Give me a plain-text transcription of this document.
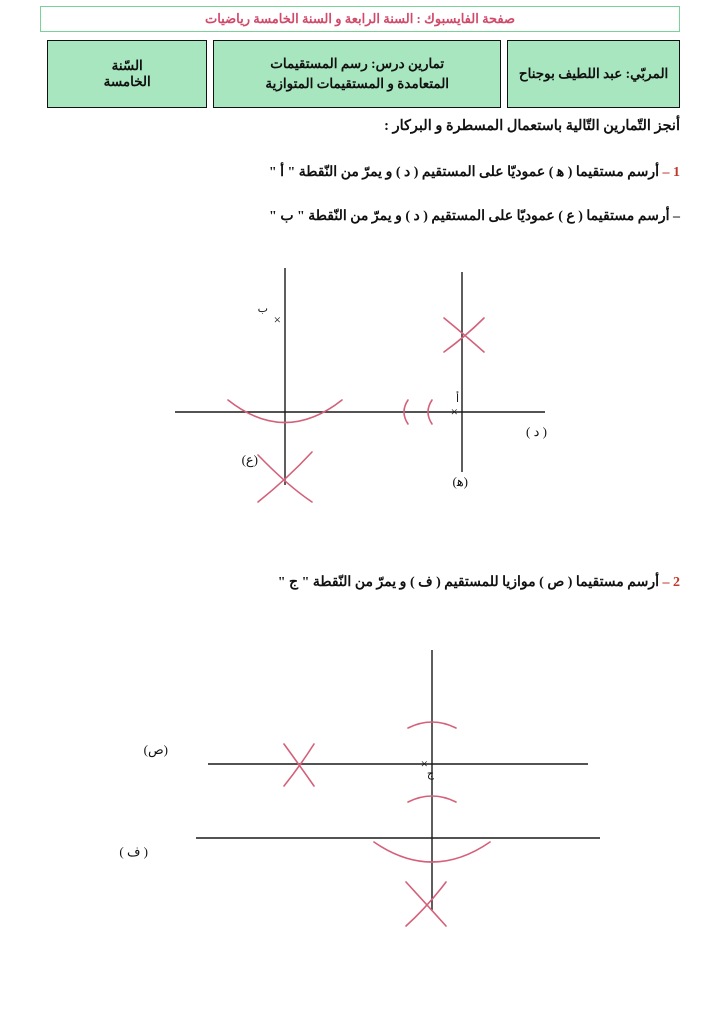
صفحة الفايسبوك : السنة الرابعة و السنة الخامسة رياضيات
المربّي: عبد اللطيف بوجناح
تمارين درس: رسم المستقيمات
المتعامدة و المستقيمات المتوازية
السّنة
الخامسة
أنجز التّمارين التّالية باستعمال المسطرة و البركار :
1 – أرسم مستقيما ( ﻫ ) عموديّا على المستقيم ( د ) و يمرّ من النّقطة " أ "
– أرسم مستقيما ( ع ) عموديّا على المستقيم ( د ) و يمرّ من النّقطة " ب "
×
ب
×
أ
( د )
(ﻫ)
(ع)
2 – أرسم مستقيما ( ص ) موازيا للمستقيم ( ف ) و يمرّ من النّقطة " ج "
×
ج
(ص)
( ف )
